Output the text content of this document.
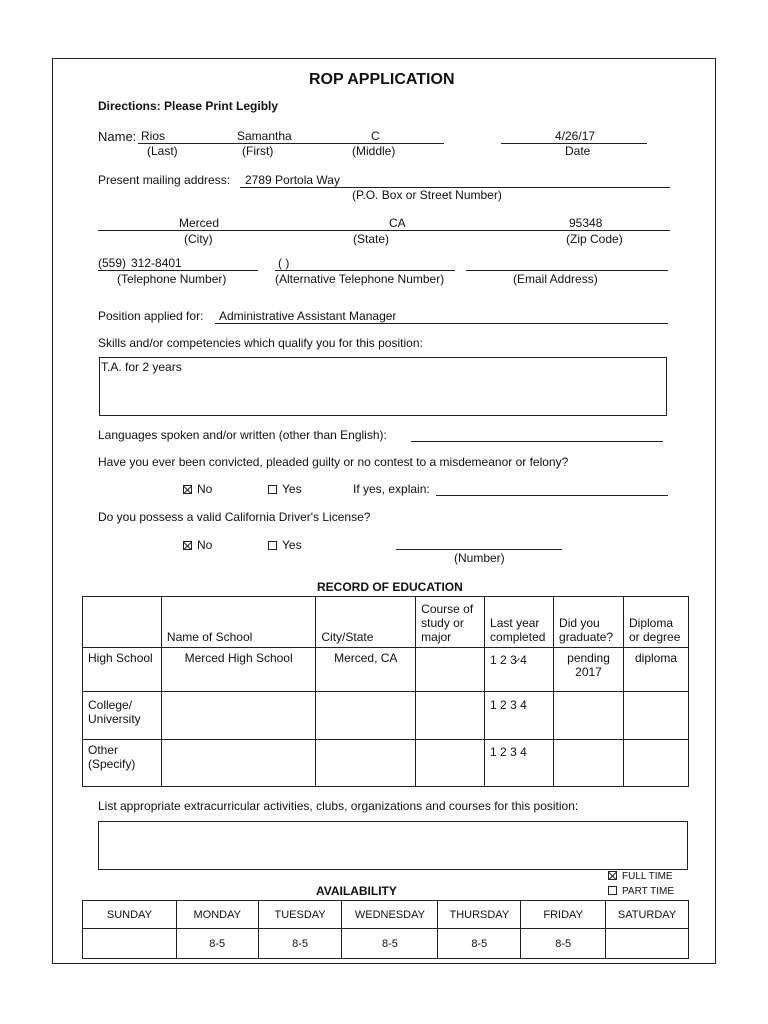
ROP APPLICATION
Directions: Please Print Legibly
Name: Rios	Samantha	C	4/26/17
(Last)	(First)	(Middle)	Date
Present mailing address: 2789 Portola Way
(P.O. Box or Street Number)
Merced	CA	95348
(City)	(State)	(Zip Code)
(559) 312-8401	( )
(Telephone Number)	(Alternative Telephone Number)	(Email Address)
Position applied for: Administrative Assistant Manager
Skills and/or competencies which qualify you for this position:
T.A. for 2 years
Languages spoken and/or written (other than English):
Have you ever been convicted, pleaded guilty or no contest to a misdemeanor or felony?
No	Yes	If yes, explain:
Do you possess a valid California Driver's License?
No	Yes
(Number)
RECORD OF EDUCATION
	Name of School	City/State	Course of study or major	Last year completed	Did you graduate?	Diploma or degree
High School	Merced High School	Merced, CA		1 2 3̷ 4	pending 2017	diploma
College/ University				1 2 3 4		
Other (Specify)				1 2 3 4		
List appropriate extracurricular activities, clubs, organizations and courses for this position:
FULL TIME
PART TIME
AVAILABILITY
SUNDAY	MONDAY	TUESDAY	WEDNESDAY	THURSDAY	FRIDAY	SATURDAY
	8-5	8-5	8-5	8-5	8-5	
